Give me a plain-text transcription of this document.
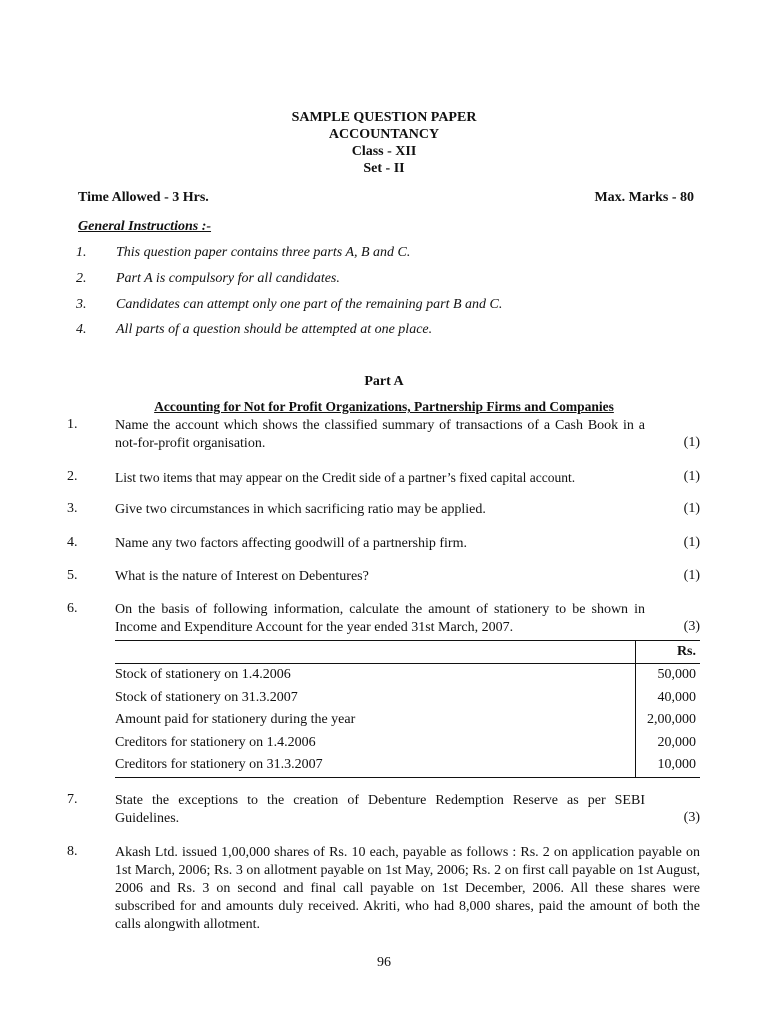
SAMPLE QUESTION PAPER
ACCOUNTANCY
Class - XII
Set - II
Time Allowed - 3 Hrs.	Max. Marks - 80
General Instructions :-
1. This question paper contains three parts A, B and C.
2. Part A is compulsory for all candidates.
3. Candidates can attempt only one part of the remaining part B and C.
4. All parts of a question should be attempted at one place.
Part A
Accounting for Not for Profit Organizations, Partnership Firms and Companies
1.	Name the account which shows the classified summary of transactions of a Cash Book in a not-for-profit organisation.	(1)
2.	List two items that may appear on the Credit side of a partner’s fixed capital account.	(1)
3.	Give two circumstances in which sacrificing ratio may be applied.	(1)
4.	Name any two factors affecting goodwill of a partnership firm.	(1)
5.	What is the nature of Interest on Debentures?	(1)
6.	On the basis of following information, calculate the amount of stationery to be shown in Income and Expenditure Account for the year ended 31st March, 2007.	(3)
	Rs.
Stock of stationery on 1.4.2006	50,000
Stock of stationery on 31.3.2007	40,000
Amount paid for stationery during the year	2,00,000
Creditors for stationery on 1.4.2006	20,000
Creditors for stationery on 31.3.2007	10,000
7.	State the exceptions to the creation of Debenture Redemption Reserve as per SEBI Guidelines.	(3)
8.	Akash Ltd. issued 1,00,000 shares of Rs. 10 each, payable as follows : Rs. 2 on application payable on 1st March, 2006; Rs. 3 on allotment payable on 1st May, 2006; Rs. 2 on first call payable on 1st August, 2006 and Rs. 3 on second and final call payable on 1st December, 2006. All these shares were subscribed for and amounts duly received. Akriti, who had 8,000 shares, paid the amount of both the calls alongwith allotment.
96
